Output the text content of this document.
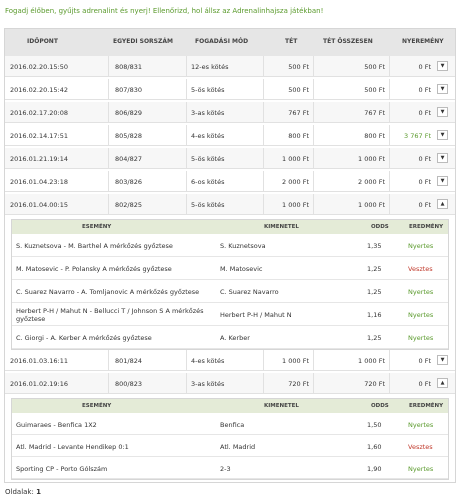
Fogadj élőben, gyűjts adrenalint és nyerj! Ellenőrizd, hol állsz az Adrenalinhajsza játékban!
IDŐPONT	EGYEDI SORSZÁM	FOGADÁSI MÓD	TÉT	TÉT ÖSSZESEN	NYEREMÉNY
2016.02.20.15:50	808/831	12-es kötés	500 Ft	500 Ft	0 Ft	▼
2016.02.20.15:42	807/830	5-ös kötés	500 Ft	500 Ft	0 Ft	▼
2016.02.17.20:08	806/829	3-as kötés	767 Ft	767 Ft	0 Ft	▼
2016.02.14.17:51	805/828	4-es kötés	800 Ft	800 Ft	3 767 Ft	▼
2016.01.21.19:14	804/827	5-ös kötés	1 000 Ft	1 000 Ft	0 Ft	▼
2016.01.04.23:18	803/826	6-os kötés	2 000 Ft	2 000 Ft	0 Ft	▼
2016.01.04.00:15	802/825	5-ös kötés	1 000 Ft	1 000 Ft	0 Ft	▲
2016.01.03.16:11	801/824	4-es kötés	1 000 Ft	1 000 Ft	0 Ft	▼
2016.01.02.19:16	800/823	3-as kötés	720 Ft	720 Ft	0 Ft	▲
ESEMÉNY	KIMENETEL	ODDS	EREDMÉNY
S. Kuznetsova - M. Barthel A mérkőzés győztese	S. Kuznetsova	1,35	Nyertes
M. Matosevic - P. Polansky A mérkőzés győztese	M. Matosevic	1,25	Vesztes
C. Suarez Navarro - A. Tomljanovic A mérkőzés győztese	C. Suarez Navarro	1,25	Nyertes
Herbert P-H / Mahut N - Bellucci T / Johnson S A mérkőzés
győztese	Herbert P-H / Mahut N	1,16	Nyertes
C. Giorgi - A. Kerber A mérkőzés győztese	A. Kerber	1,25	Nyertes
ESEMÉNY	KIMENETEL	ODDS	EREDMÉNY
Guimaraes - Benfica 1X2	Benfica	1,50	Nyertes
Atl. Madrid - Levante Hendikep 0:1	Atl. Madrid	1,60	Vesztes
Sporting CP - Porto Gólszám	2-3	1,90	Nyertes
Oldalak: 1
